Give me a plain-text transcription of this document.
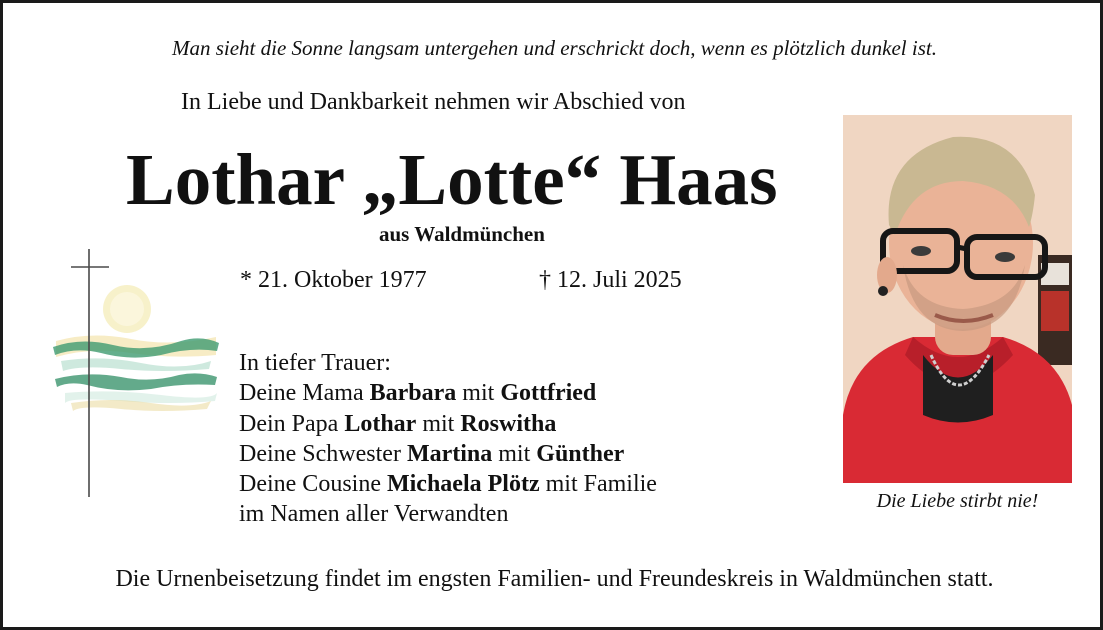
Man sieht die Sonne langsam untergehen und erschrickt doch, wenn es plötzlich dunkel ist.
In Liebe und Dankbarkeit nehmen wir Abschied von
Lothar „Lotte“ Haas
aus Waldmünchen
* 21. Oktober 1977	† 12. Juli 2025
In tiefer Trauer:
Deine Mama Barbara mit Gottfried
Dein Papa Lothar mit Roswitha
Deine Schwester Martina mit Günther
Deine Cousine Michaela Plötz mit Familie
im Namen aller Verwandten
Die Liebe stirbt nie!
Die Urnenbeisetzung findet im engsten Familien- und Freundeskreis in Waldmünchen statt.
